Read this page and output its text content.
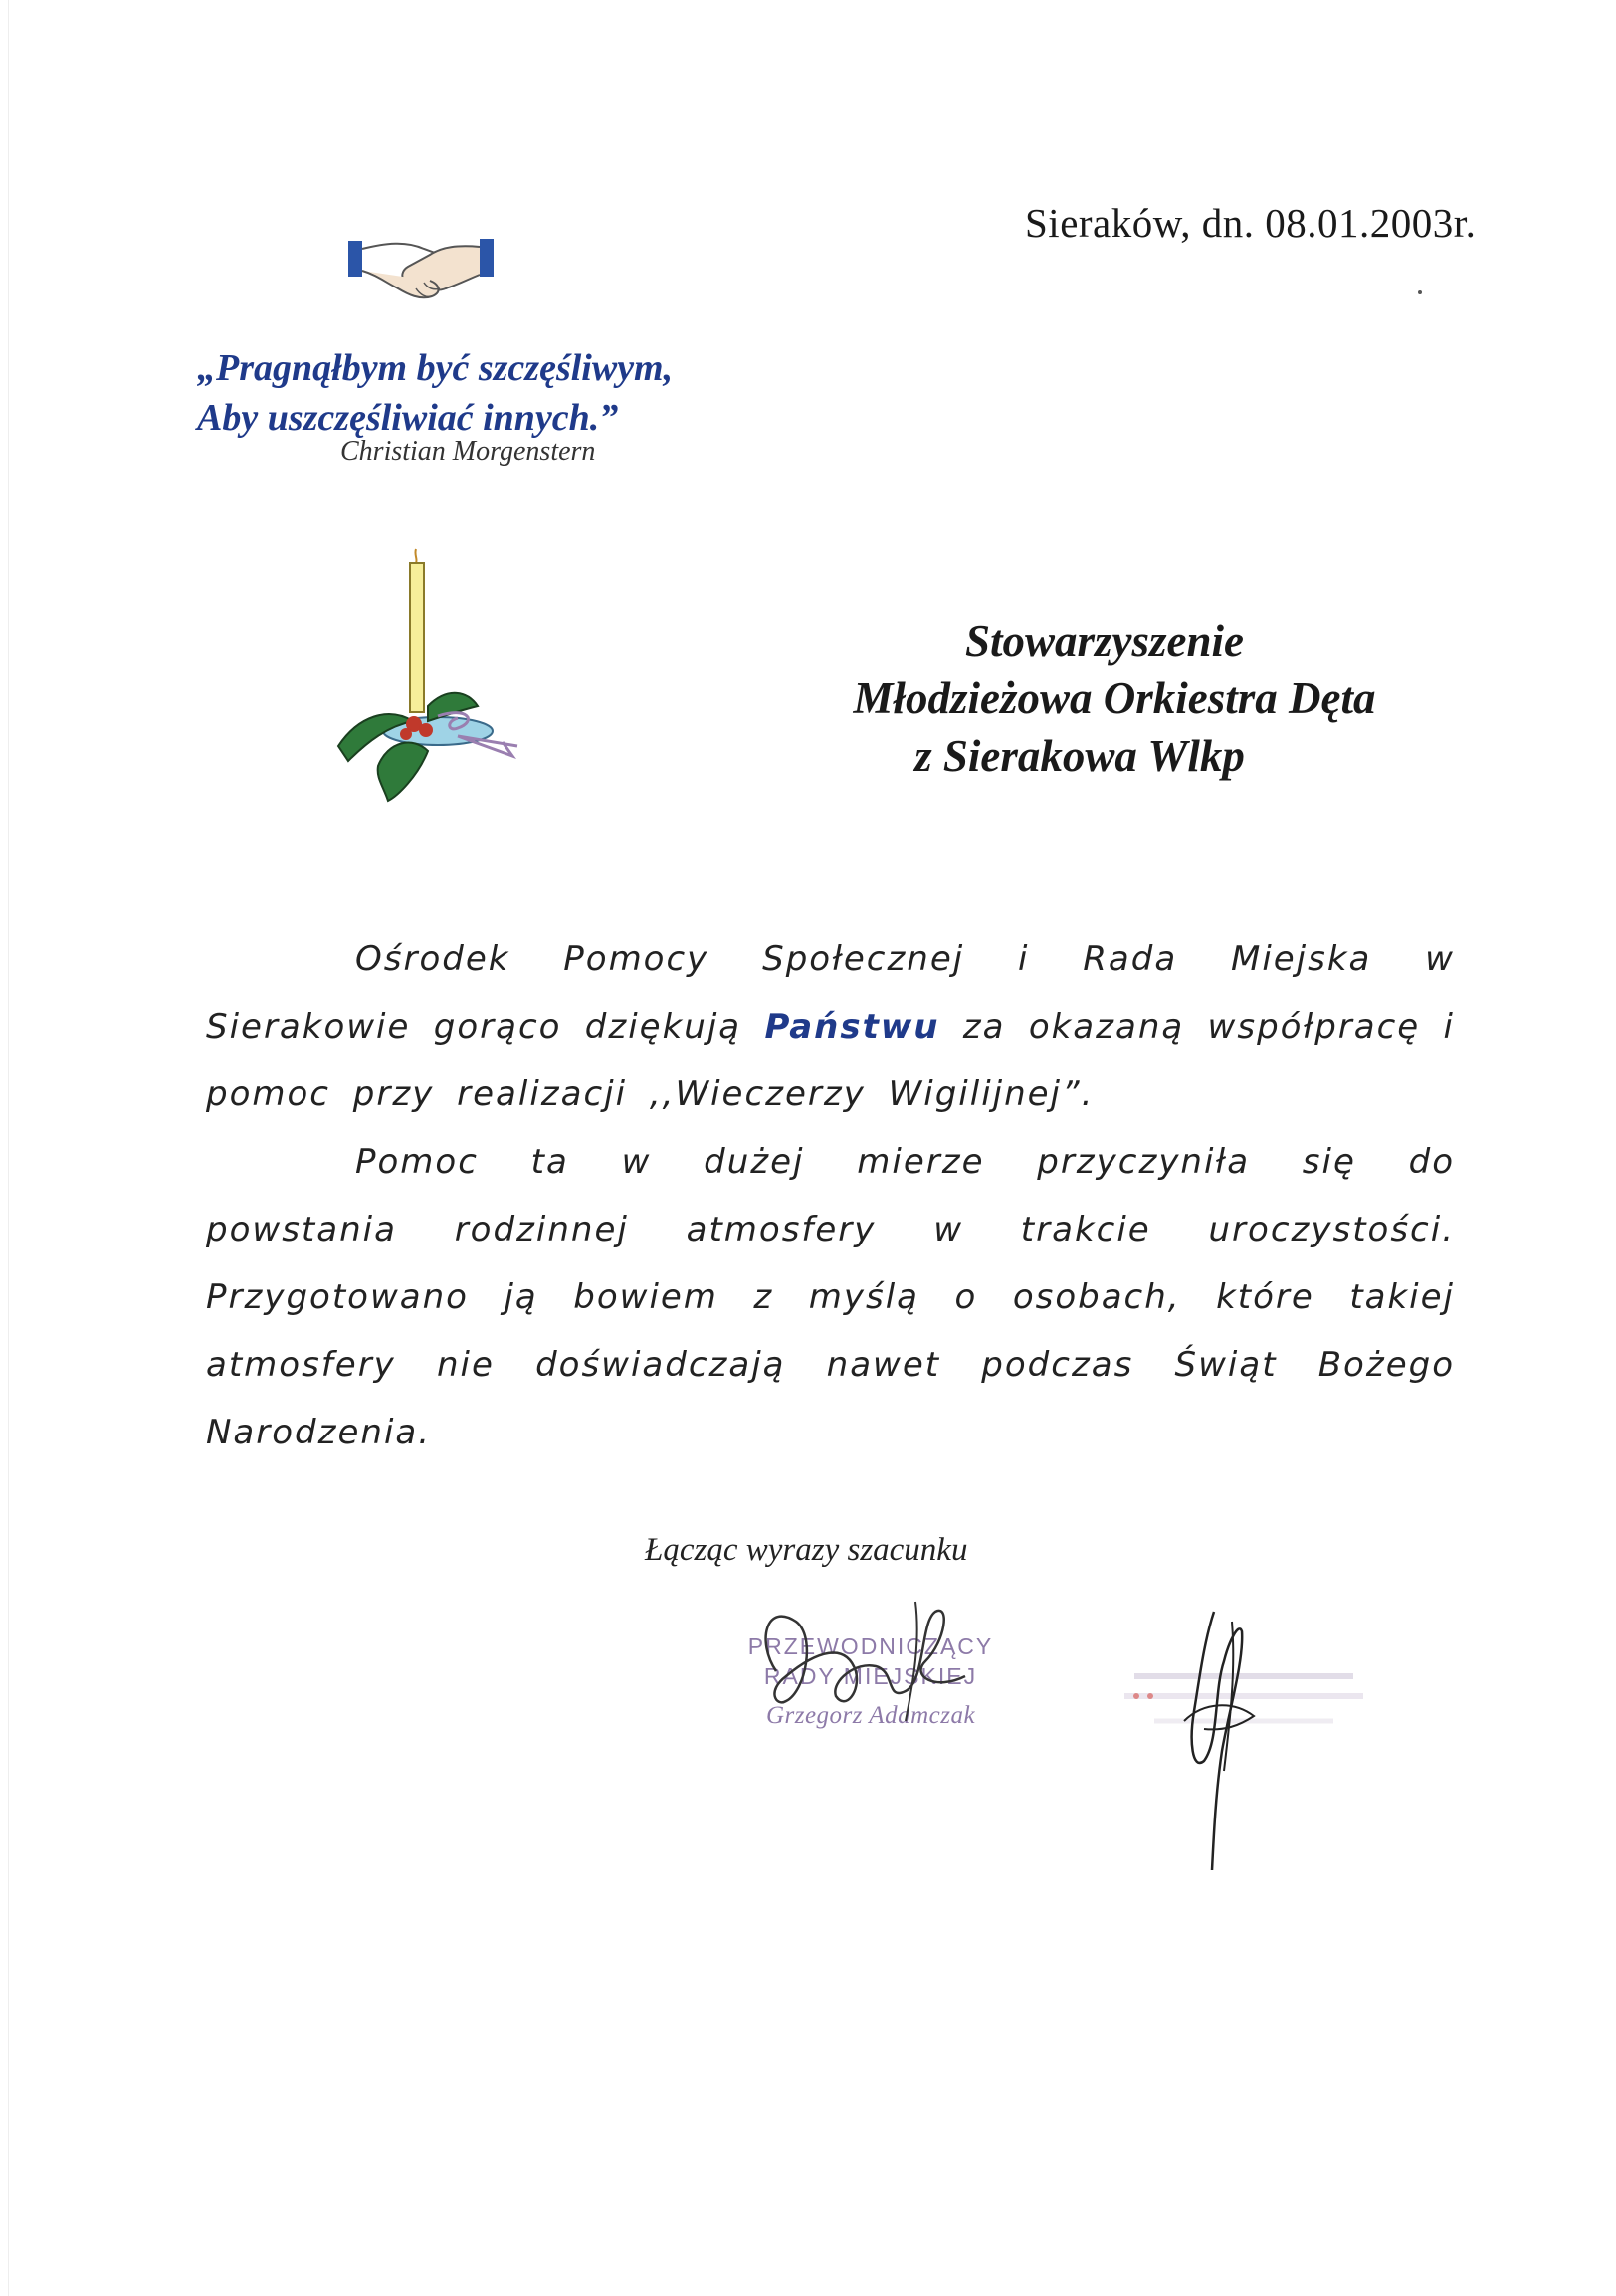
Sieraków, dn. 08.01.2003r.
„Pragnąłbym być szczęśliwym,
Aby uszczęśliwiać innych.”
Christian Morgenstern
Stowarzyszenie
Młodzieżowa Orkiestra Dęta
z Sierakowa Wlkp

Ośrodek Pomocy Społecznej i Rada Miejska w Sierakowie gorąco dziękują Państwu za okazaną współpracę i pomoc przy realizacji ,,Wieczerzy Wigilijnej”.

Pomoc ta w dużej mierze przyczyniła się do powstania rodzinnej atmosfery w trakcie uroczystości. Przygotowano ją bowiem z myślą o osobach, które takiej atmosfery nie doświadczają nawet podczas Świąt Bożego Narodzenia.

Łącząc wyrazy szacunku
PRZEWODNICZĄCY
RADY MIEJSKIEJ
Grzegorz Adamczak
